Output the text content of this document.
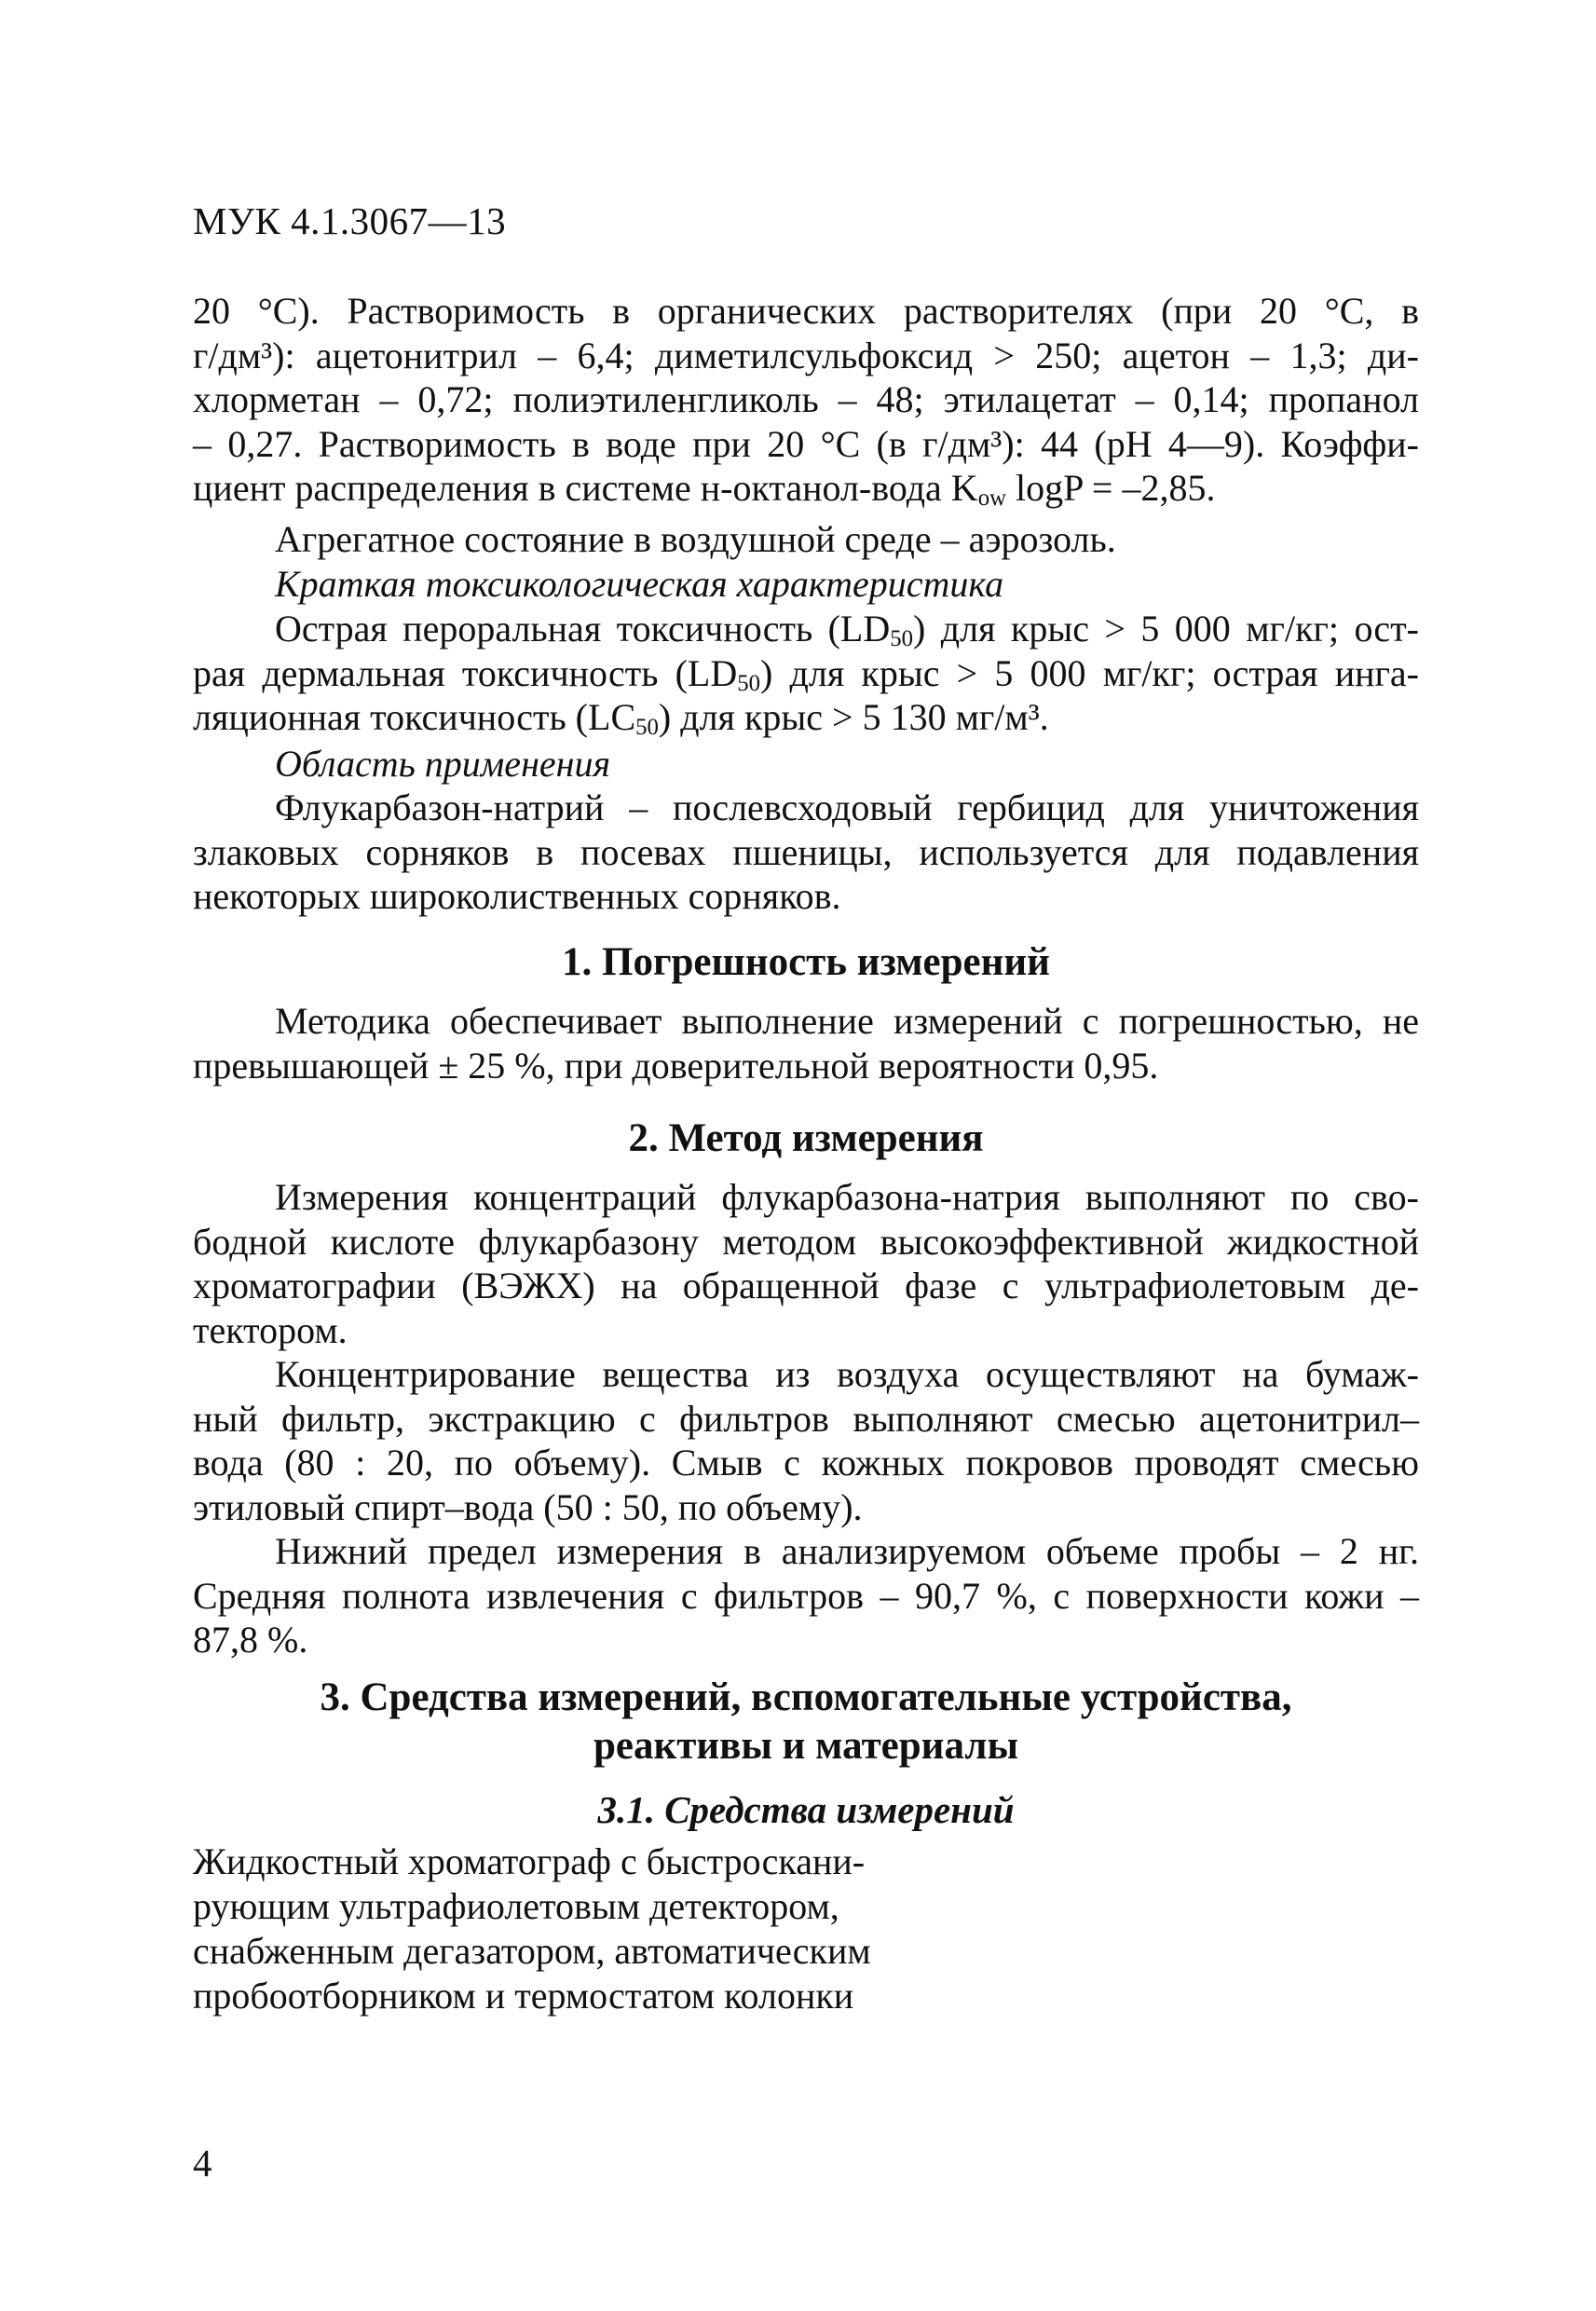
МУК 4.1.3067—13
20 °С). Растворимость в органических растворителях (при 20 °С, в
г/дм³): ацетонитрил – 6,4; диметилсульфоксид > 250; ацетон – 1,3; ди-
хлорметан – 0,72; полиэтиленгликоль – 48; этилацетат – 0,14; пропанол
– 0,27. Растворимость в воде при 20 °С (в г/дм³): 44 (рН 4—9). Коэффи-
циент распределения в системе н-октанол-вода $K_{ow}$ logP = –2,85.
Агрегатное состояние в воздушной среде – аэрозоль.
Краткая токсикологическая характеристика
Острая пероральная токсичность $(LD_{50})$ для крыс > 5 000 мг/кг; ост-
рая дермальная токсичность $(LD_{50})$ для крыс > 5 000 мг/кг; острая инга-
ляционная токсичность $(LC_{50})$ для крыс > 5 130 мг/м³.
Область применения
Флукарбазон-натрий – послевсходовый гербицид для уничтожения
злаковых сорняков в посевах пшеницы, используется для подавления
некоторых широколиственных сорняков.
1. Погрешность измерений
Методика обеспечивает выполнение измерений с погрешностью, не
превышающей ± 25 %, при доверительной вероятности 0,95.
2. Метод измерения
Измерения концентраций флукарбазона-натрия выполняют по сво-
бодной кислоте флукарбазону методом высокоэффективной жидкостной
хроматографии (ВЭЖХ) на обращенной фазе с ультрафиолетовым де-
тектором.
Концентрирование вещества из воздуха осуществляют на бумаж-
ный фильтр, экстракцию с фильтров выполняют смесью ацетонитрил–
вода (80 : 20, по объему). Смыв с кожных покровов проводят смесью
этиловый спирт–вода (50 : 50, по объему).
Нижний предел измерения в анализируемом объеме пробы – 2 нг.
Средняя полнота извлечения с фильтров – 90,7 %, с поверхности кожи –
87,8 %.
3. Средства измерений, вспомогательные устройства,
реактивы и материалы
3.1. Средства измерений
Жидкостный хроматограф с быстроскани-
рующим ультрафиолетовым детектором,
снабженным дегазатором, автоматическим
пробоотборником и термостатом колонки
4
